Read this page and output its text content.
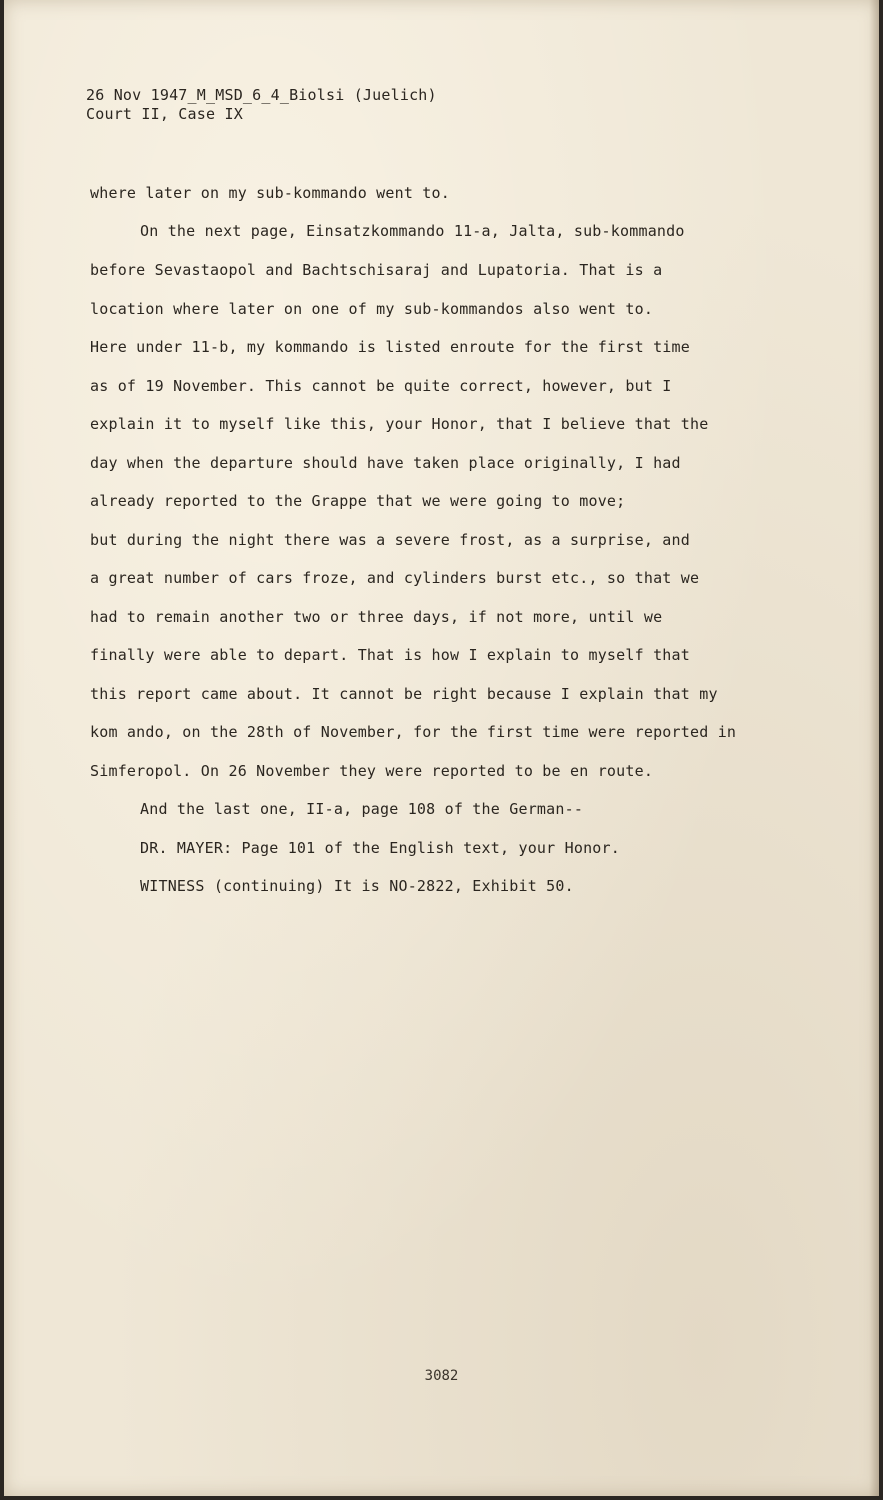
26 Nov 1947_M_MSD_6_4_Biolsi (Juelich)
Court II, Case IX
where later on my sub-kommando went to.
On the next page, Einsatzkommando 11-a, Jalta, sub-kommando
before Sevastaopol and Bachtschisaraj and Lupatoria. That is a
location where later on one of my sub-kommandos also went to.
Here under 11-b, my kommando is listed enroute for the first time
as of 19 November. This cannot be quite correct, however, but I
explain it to myself like this, your Honor, that I believe that the
day when the departure should have taken place originally, I had
already reported to the Grappe that we were going to move;
but during the night there was a severe frost, as a surprise, and
a great number of cars froze, and cylinders burst etc., so that we
had to remain another two or three days, if not more, until we
finally were able to depart. That is how I explain to myself that
this report came about. It cannot be right because I explain that my
kom ando, on the 28th of November, for the first time were reported in
Simferopol. On 26 November they were reported to be en route.
And the last one, II-a, page 108 of the German--
DR. MAYER: Page 101 of the English text, your Honor.
WITNESS (continuing) It is NO-2822, Exhibit 50.
3082
